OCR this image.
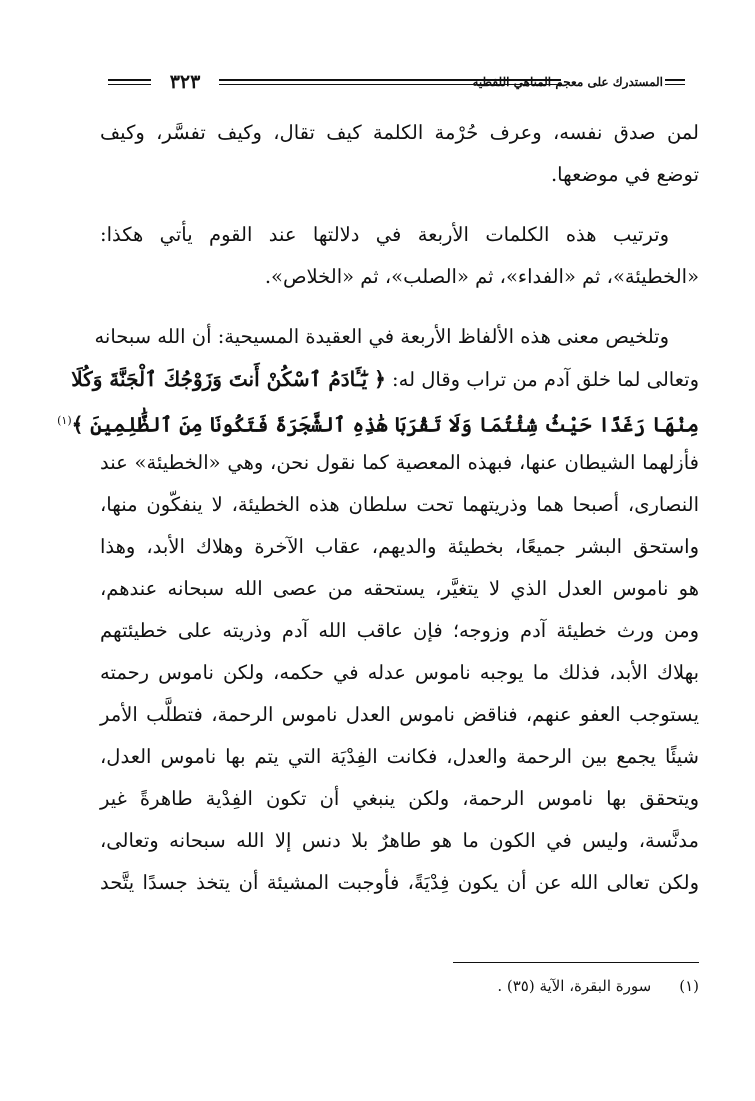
٣٢٣	المستدرك على معجم المناهي اللفظية
لمن صدق نفسه، وعرف حُرْمة الكلمة كيف تقال، وكيف تفسَّر، وكيف
توضع في موضعها.
وترتيب هذه الكلمات الأربعة في دلالتها عند القوم يأتي هكذا:
«الخطيئة»، ثم «الفداء»، ثم «الصلب»، ثم «الخلاص».
وتلخيص معنى هذه الألفاظ الأربعة في العقيدة المسيحية: أن الله سبحانه
وتعالى لما خلق آدم من تراب وقال له: ﴿ يَٰٓـَٔادَمُ ٱسْكُنْ أَنتَ وَزَوْجُكَ ٱلْجَنَّةَ وَكُلَا
مِنْهَا رَغَدًا حَيْثُ شِئْتُمَا وَلَا تَقْرَبَا هَٰذِهِ ٱلشَّجَرَةَ فَتَكُونَا مِنَ ٱلظَّٰلِمِينَ ﴾$^{(١)}$
فأزلهما الشيطان عنها، فبهذه المعصية كما نقول نحن، وهي «الخطيئة» عند
النصارى، أصبحا هما وذريتهما تحت سلطان هذه الخطيئة، لا ينفكّون منها،
واستحق البشر جميعًا، بخطيئة والديهم، عقاب الآخرة وهلاك الأبد، وهذا
هو ناموس العدل الذي لا يتغيَّر، يستحقه من عصى الله سبحانه عندهم،
ومن ورث خطيئة آدم وزوجه؛ فإن عاقب الله آدم وذريته على خطيئتهم
بهلاك الأبد، فذلك ما يوجبه ناموس عدله في حكمه، ولكن ناموس رحمته
يستوجب العفو عنهم، فناقض ناموس العدل ناموس الرحمة، فتطلَّب الأمر
شيئًا يجمع بين الرحمة والعدل، فكانت الفِدْيَة التي يتم بها ناموس العدل،
ويتحقق بها ناموس الرحمة، ولكن ينبغي أن تكون الفِدْية طاهرةً غير
مدنَّسة، وليس في الكون ما هو طاهرٌ بلا دنس إلا الله سبحانه وتعالى،
ولكن تعالى الله عن أن يكون فِدْيَةً، فأوجبت المشيئة أن يتخذ جسدًا يتَّحد
(١)سورة البقرة، الآية (٣٥) .
